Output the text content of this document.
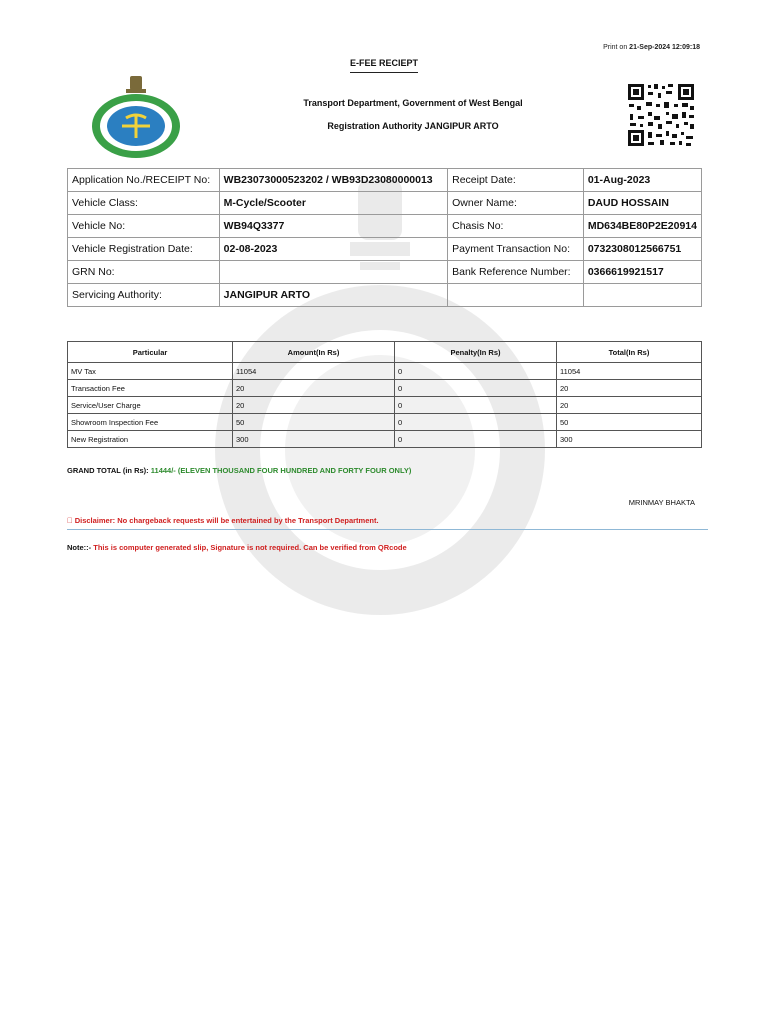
Print on 21-Sep-2024 12:09:18
E-FEE RECIEPT
Transport Department, Government of West Bengal
Registration Authority JANGIPUR ARTO
Application No./RECEIPT No:	WB23073000523202 / WB93D23080000013	Receipt Date:	01-Aug-2023
Vehicle Class:	M-Cycle/Scooter	Owner Name:	DAUD HOSSAIN
Vehicle No:	WB94Q3377	Chasis No:	MD634BE80P2E20914
Vehicle Registration Date:	02-08-2023	Payment Transaction No:	0732308012566751
GRN No:		Bank Reference Number:	0366619921517
Servicing Authority:	JANGIPUR ARTO		
Particular	Amount(In Rs)	Penalty(In Rs)	Total(In Rs)
MV Tax	11054	0	11054
Transaction Fee	20	0	20
Service/User Charge	20	0	20
Showroom Inspection Fee	50	0	50
New Registration	300	0	300
GRAND TOTAL (in Rs): 11444/- (ELEVEN THOUSAND FOUR HUNDRED AND FORTY FOUR ONLY)
MRINMAY BHAKTA
  Disclaimer: No chargeback requests will be entertained by the Transport Department.
Note::- This is computer generated slip, Signature is not required. Can be verified from QRcode
